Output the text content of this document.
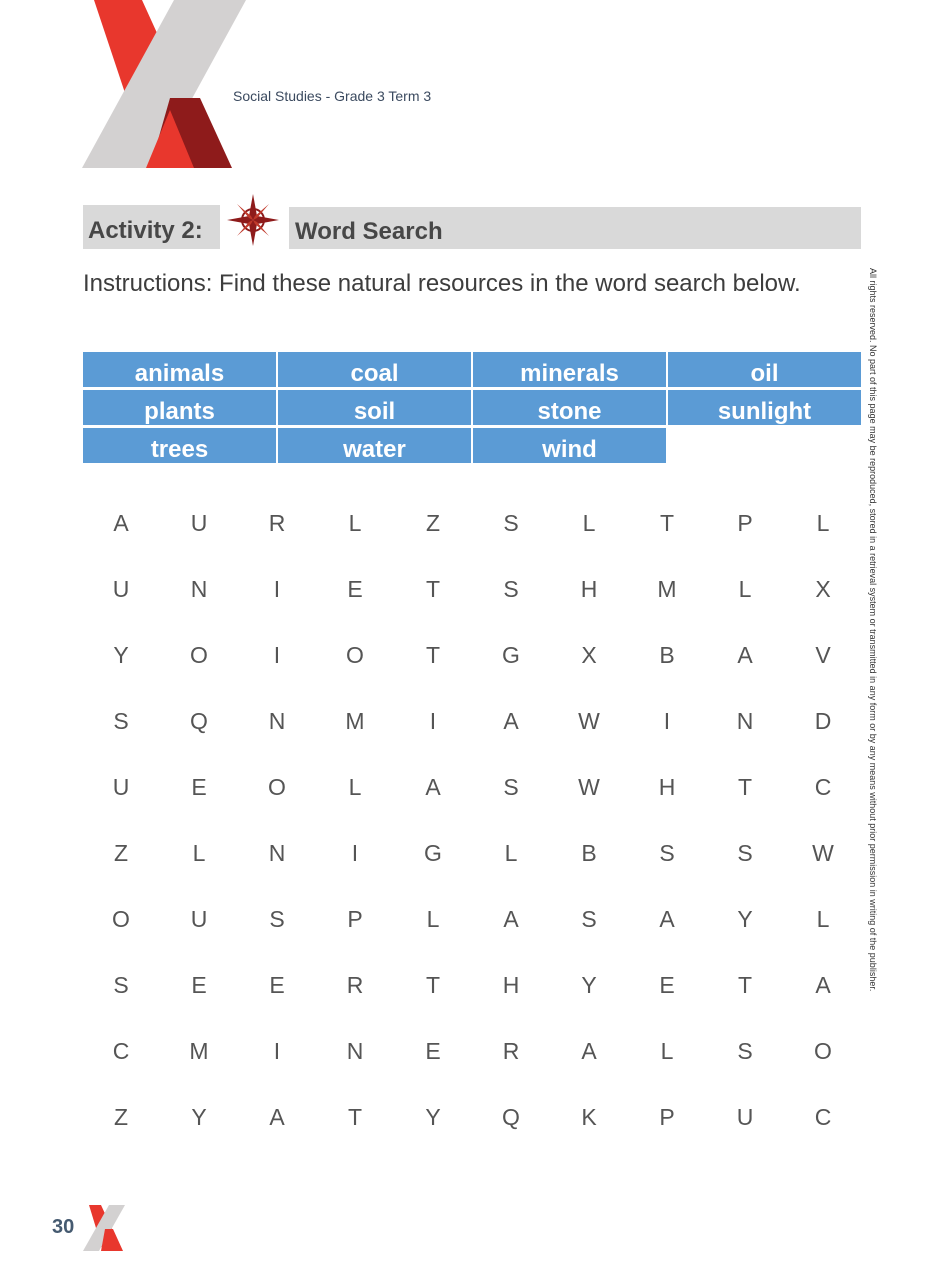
Social Studies - Grade 3 Term 3
Activity 2:	Word Search
Instructions: Find these natural resources in the word search below.
animals	coal	minerals	oil
plants	soil	stone	sunlight
trees	water	wind
A	U	R	L	Z	S	L	T	P	L
U	N	I	E	T	S	H	M	L	X
Y	O	I	O	T	G	X	B	A	V
S	Q	N	M	I	A	W	I	N	D
U	E	O	L	A	S	W	H	T	C
Z	L	N	I	G	L	B	S	S	W
O	U	S	P	L	A	S	A	Y	L
S	E	E	R	T	H	Y	E	T	A
C	M	I	N	E	R	A	L	S	O
Z	Y	A	T	Y	Q	K	P	U	C
All rights reserved. No part of this page may be reproduced, stored in a retrieval system or transmitted in any form or by any means without prior permission in writing of the publisher.
30
